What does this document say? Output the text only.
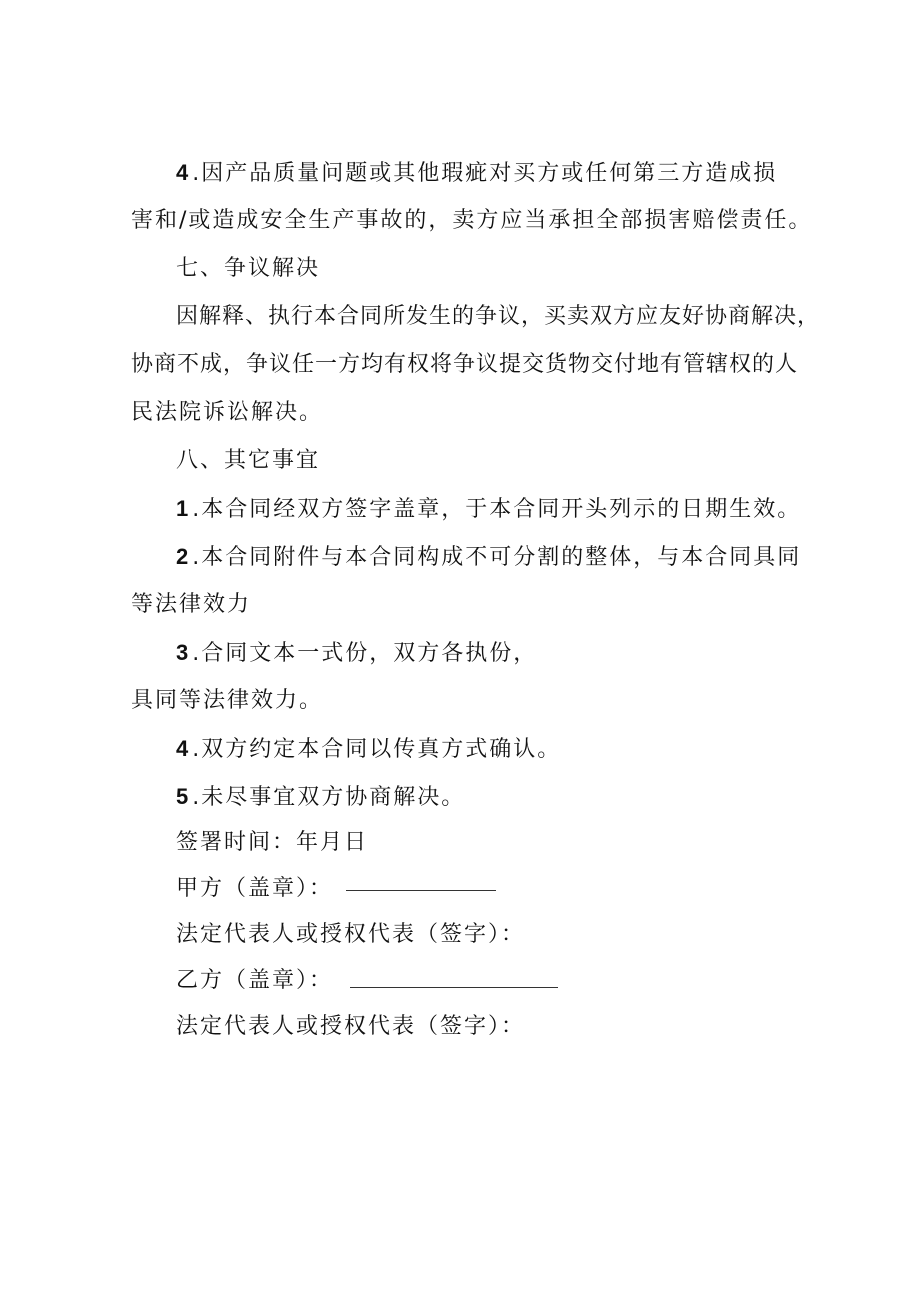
4 .因产品质量问题或其他瑕疵对买方或任何第三方造成损
害和/或造成安全生产事故的，卖方应当承担全部损害赔偿责任。
七、争议解决
因解释、执行本合同所发生的争议，买卖双方应友好协商解决，
协商不成，争议任一方均有权将争议提交货物交付地有管辖权的人
民法院诉讼解决。
八、其它事宜
1 .本合同经双方签字盖章，于本合同开头列示的日期生效。
2 .本合同附件与本合同构成不可分割的整体，与本合同具同
等法律效力
3 .合同文本一式份，双方各执份，
具同等法律效力。
4 .双方约定本合同以传真方式确认。
5 .未尽事宜双方协商解决。
签署时间：年月日
甲方（盖章）：
法定代表人或授权代表（签字）：
乙方（盖章）：
法定代表人或授权代表（签字）：
